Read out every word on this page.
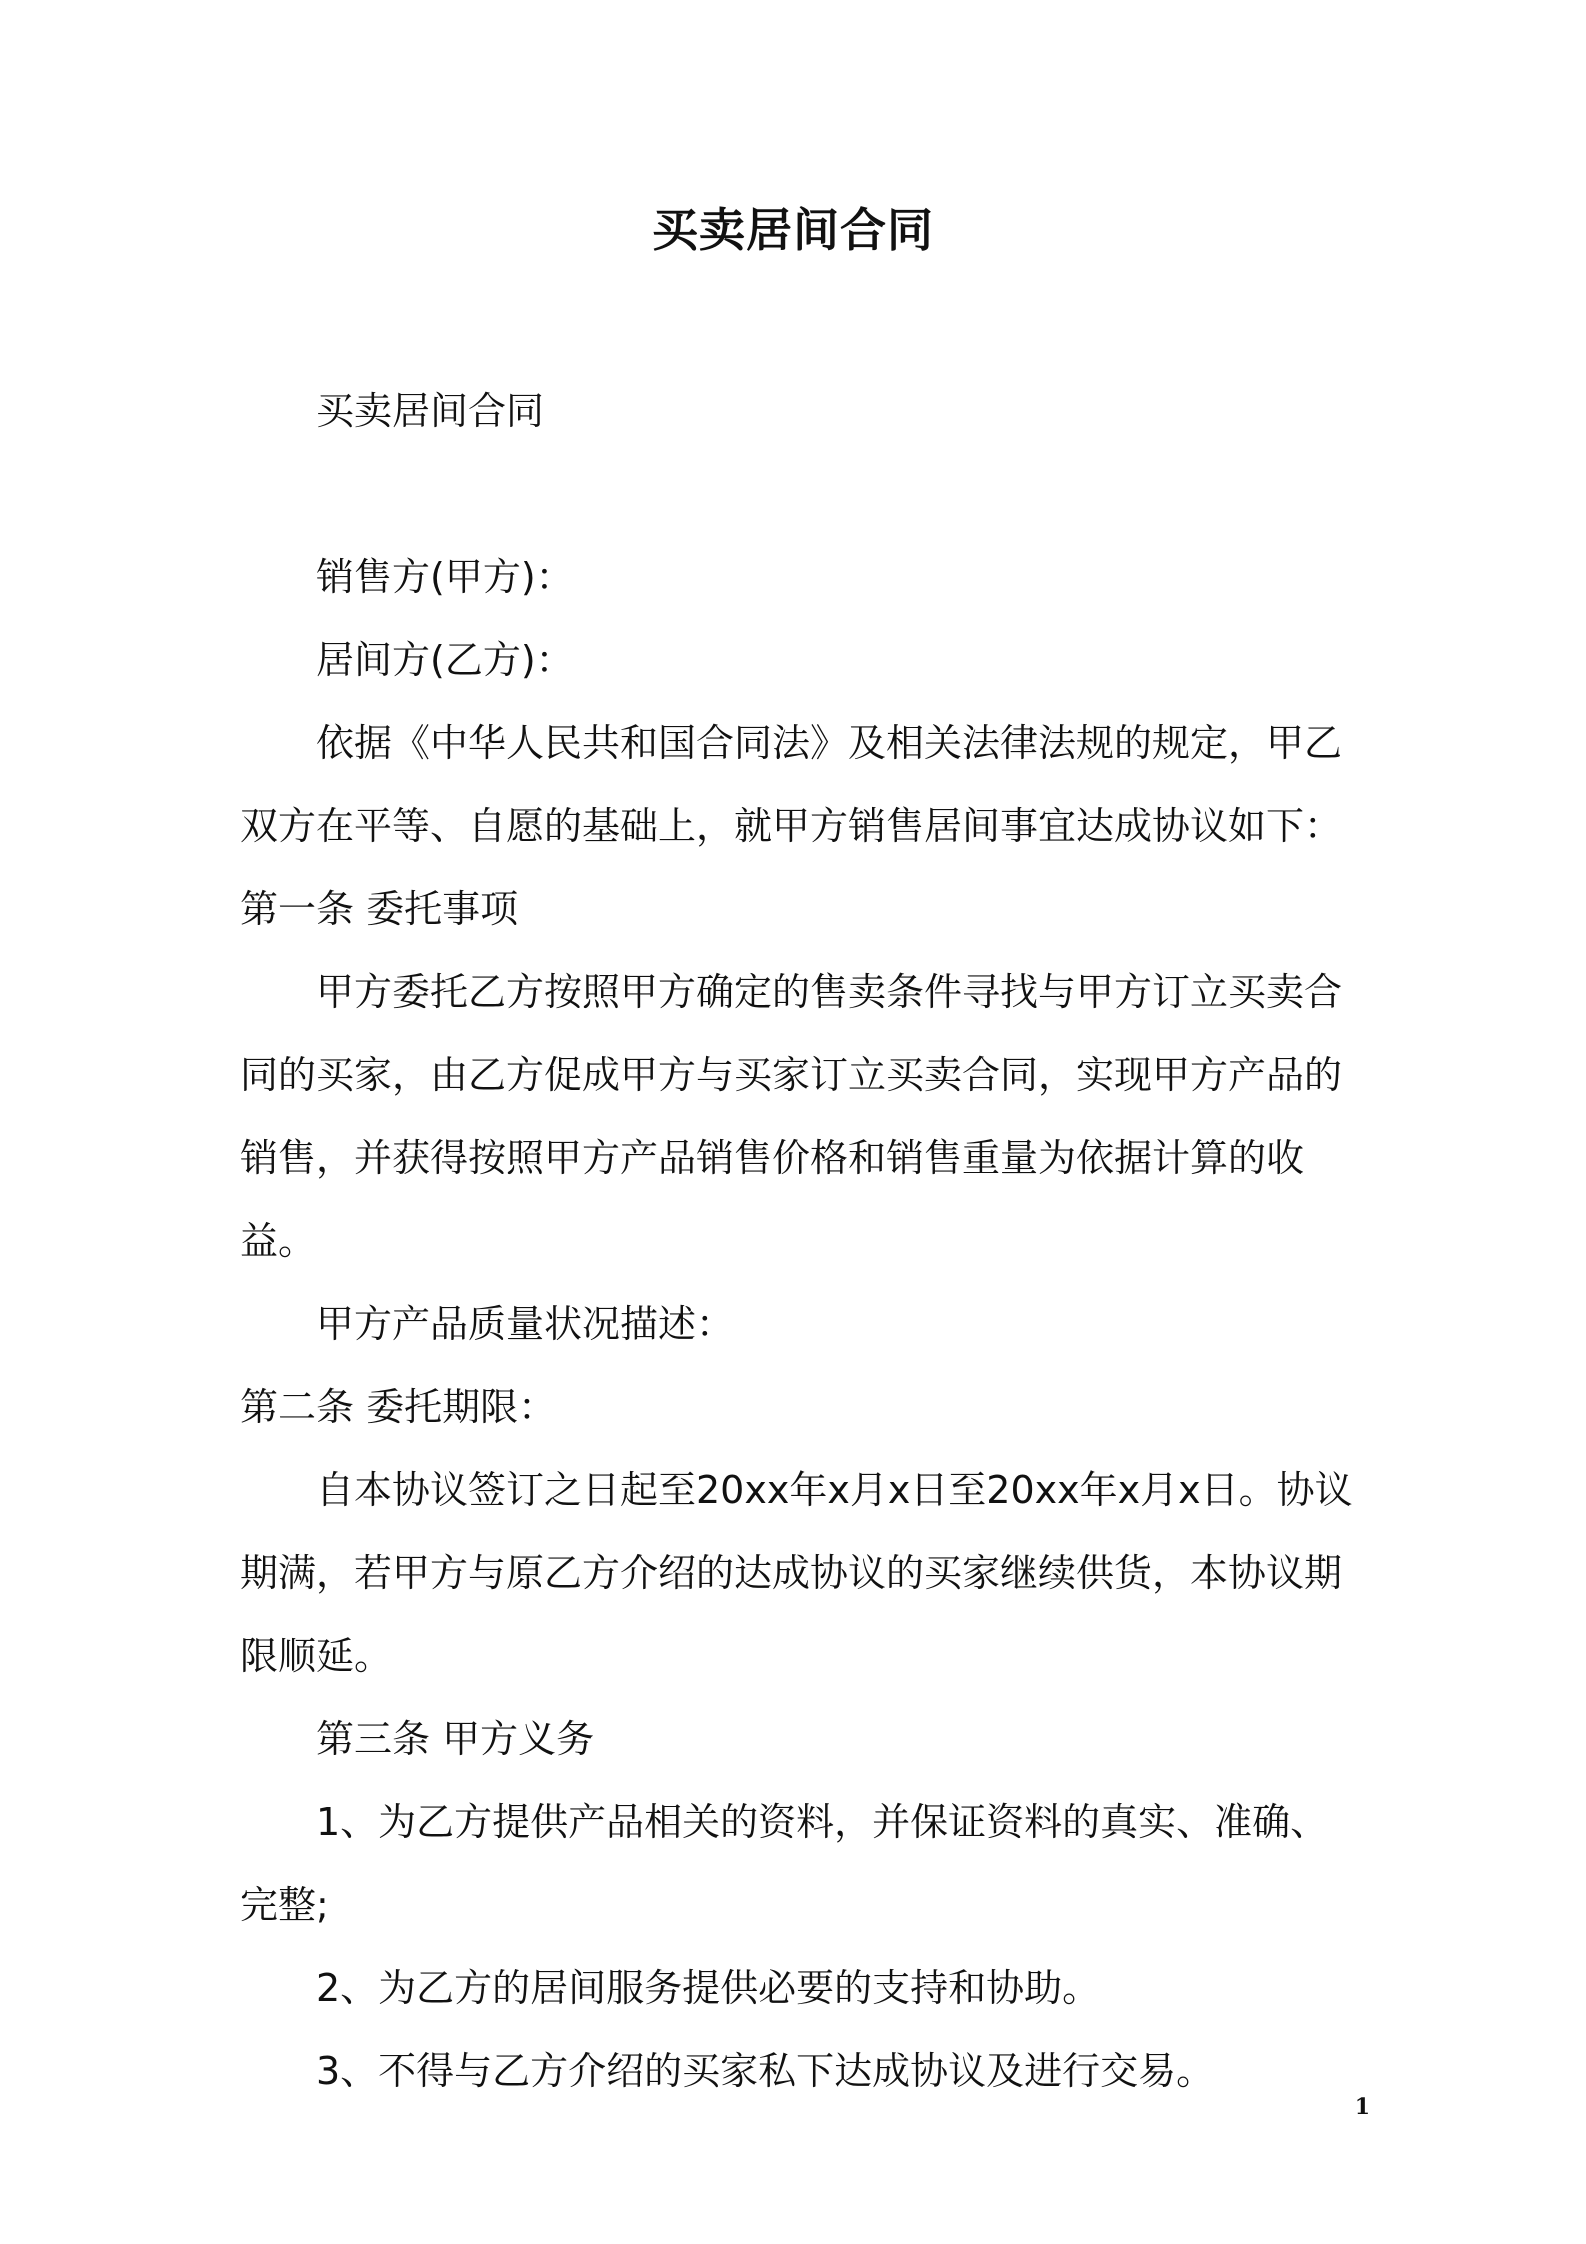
买卖居间合同

买卖居间合同

销售方(甲方)：

居间方(乙方)：

依据《中华人民共和国合同法》及相关法律法规的规定，甲乙双方在平等、自愿的基础上，就甲方销售居间事宜达成协议如下：

第一条 委托事项

甲方委托乙方按照甲方确定的售卖条件寻找与甲方订立买卖合同的买家，由乙方促成甲方与买家订立买卖合同，实现甲方产品的销售，并获得按照甲方产品销售价格和销售重量为依据计算的收益。

甲方产品质量状况描述：

第二条 委托期限：

自本协议签订之日起至20xx年x月x日至20xx年x月x日。协议期满，若甲方与原乙方介绍的达成协议的买家继续供货，本协议期限顺延。

第三条 甲方义务

1、为乙方提供产品相关的资料，并保证资料的真实、准确、完整;

2、为乙方的居间服务提供必要的支持和协助。

3、不得与乙方介绍的买家私下达成协议及进行交易。

1
